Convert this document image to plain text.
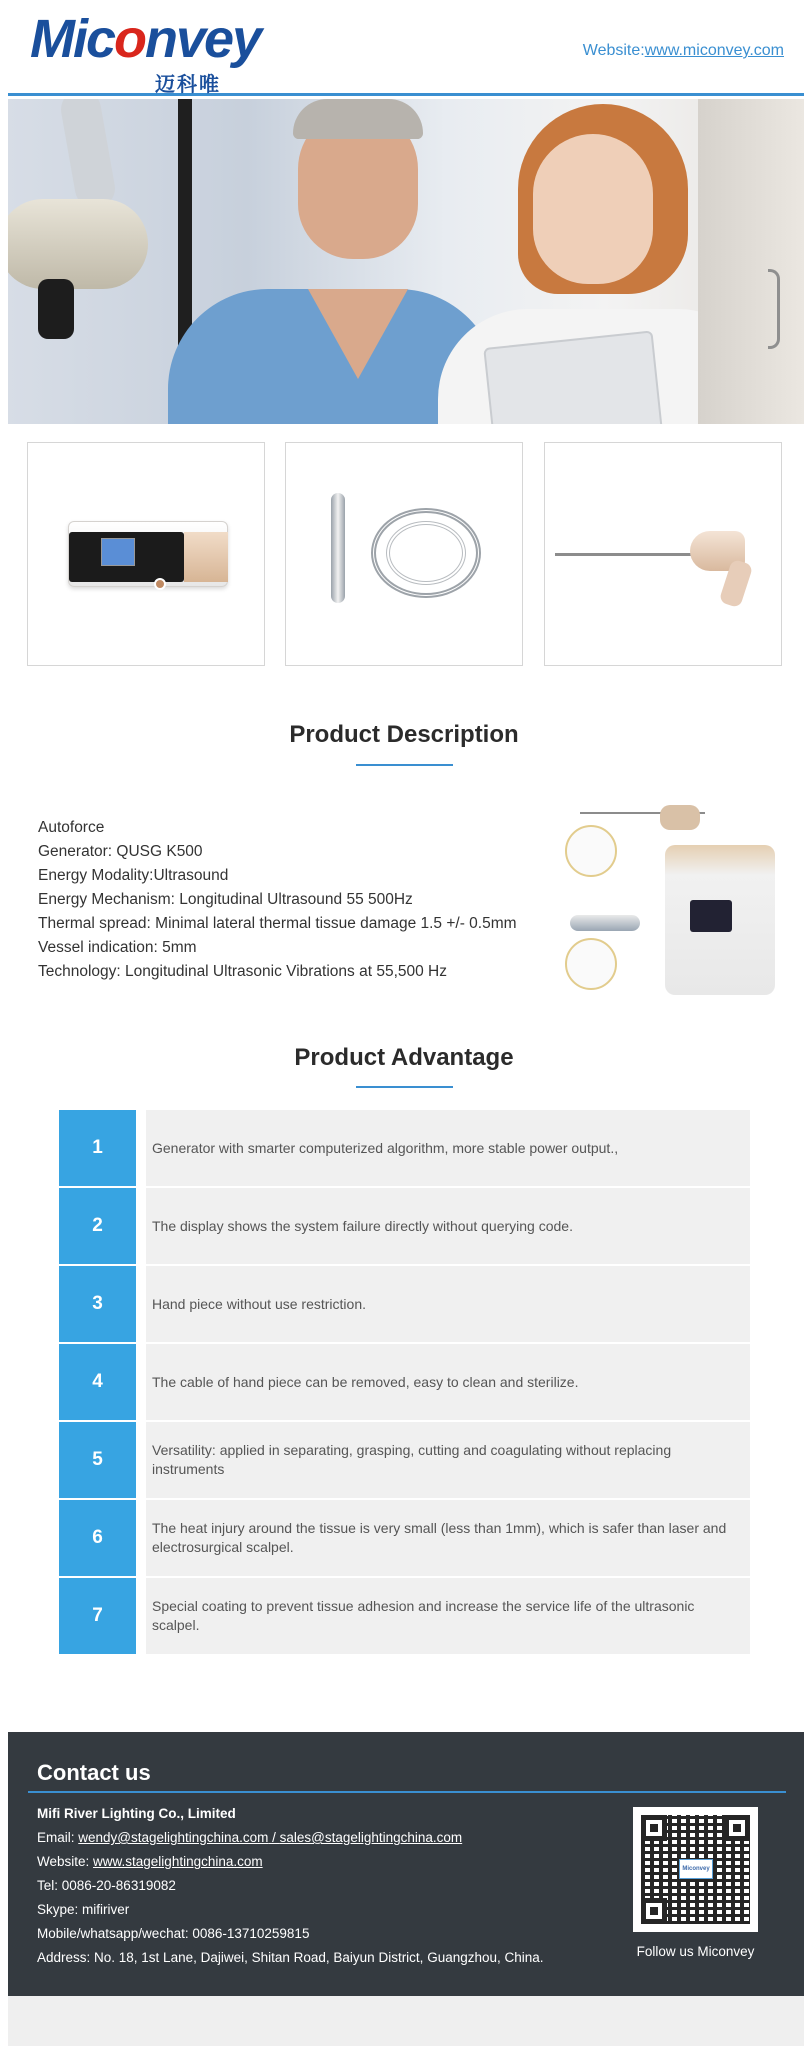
Miconvey
迈科唯
Website:www.miconvey.com
Product Description
Autoforce
Generator: QUSG K500
Energy Modality:Ultrasound
Energy Mechanism: Longitudinal Ultrasound 55 500Hz
Thermal spread: Minimal lateral thermal tissue damage 1.5 +/- 0.5mm
Vessel indication: 5mm
Technology: Longitudinal Ultrasonic Vibrations at 55,500 Hz
Product Advantage
1	Generator with smarter computerized algorithm, more stable power output.,
2	The display shows the system failure directly without querying code.
3	Hand piece without use restriction.
4	The cable of hand piece can be removed, easy to clean and sterilize.
5	Versatility: applied in separating, grasping, cutting and coagulating without replacing instruments
6	The heat injury around the tissue is very small (less than 1mm), which is safer than laser and electrosurgical scalpel.
7	Special coating to prevent tissue adhesion and increase the service life of the ultrasonic scalpel.
Contact us
Mifi River Lighting Co., Limited
Email: wendy@stagelightingchina.com / sales@stagelightingchina.com
Website: www.stagelightingchina.com
Tel: 0086-20-86319082
Skype: mifiriver
Mobile/whatsapp/wechat: 0086-13710259815
Address: No. 18, 1st Lane, Dajiwei, Shitan Road, Baiyun District, Guangzhou, China.
Miconvey
Follow us Miconvey
